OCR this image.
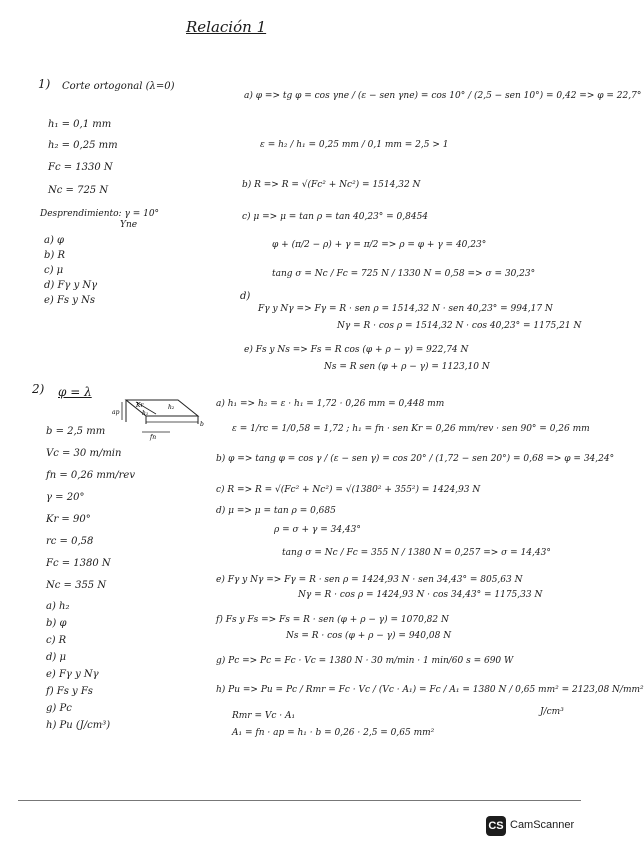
Relación 1
1) Corte ortogonal (λ=0)
h₁ = 0,1 mm
h₂ = 0,25 mm
Fc = 1330 N
Nc = 725 N
Desprendimiento: γ = 10°
Yne
a) φ
b) R
c) μ
d) Fγ y Nγ
e) Fs y Ns
a) φ => tg φ = cos γne / (ε − sen γne) = cos 10° / (2,5 − sen 10°) = 0,42 => φ = 22,7°
ε = h₂ / h₁ = 0,25 mm / 0,1 mm = 2,5 > 1
b) R => R = √(Fc² + Nc²) = 1514,32 N
c) μ => μ = tan ρ = tan 40,23° = 0,8454
φ + (π/2 − ρ) + γ = π/2 => ρ = φ + γ = 40,23°
tang σ = Nc / Fc = 725 N / 1330 N = 0,58 => σ = 30,23°
d)
Fγ y Nγ => Fγ = R · sen ρ = 1514,32 N · sen 40,23° = 994,17 N
Nγ = R · cos ρ = 1514,32 N · cos 40,23° = 1175,21 N
e) Fs y Ns => Fs = R cos (φ + ρ − γ) = 922,74 N
Ns = R sen (φ + ρ − γ) = 1123,10 N
2) φ = λ
Kr	h₂
h₁
ap
b
fn
b = 2,5 mm
Vc = 30 m/min
fn = 0,26 mm/rev
γ = 20°
Kr = 90°
rc = 0,58
Fc = 1380 N
Nc = 355 N
a) h₂
b) φ
c) R
d) μ
e) Fγ y Nγ
f) Fs y Fs
g) Pc
h) Pu (J/cm³)
a) h₁ => h₂ = ε · h₁ = 1,72 · 0,26 mm = 0,448 mm
ε = 1/rc = 1/0,58 = 1,72 ; h₁ = fn · sen Kr = 0,26 mm/rev · sen 90° = 0,26 mm
b) φ => tang φ = cos γ / (ε − sen γ) = cos 20° / (1,72 − sen 20°) = 0,68 => φ = 34,24°
c) R => R = √(Fc² + Nc²) = √(1380² + 355²) = 1424,93 N
d) μ => μ = tan ρ = 0,685
ρ = σ + γ = 34,43°
tang σ = Nc / Fc = 355 N / 1380 N = 0,257 => σ = 14,43°
e) Fγ y Nγ => Fγ = R · sen ρ = 1424,93 N · sen 34,43° = 805,63 N
Nγ = R · cos ρ = 1424,93 N · cos 34,43° = 1175,33 N
f) Fs y Fs => Fs = R · sen (φ + ρ − γ) = 1070,82 N
Ns = R · cos (φ + ρ − γ) = 940,08 N
g) Pc => Pc = Fc · Vc = 1380 N · 30 m/min · 1 min/60 s = 690 W
h) Pu => Pu = Pc / Rmr = Fc · Vc / (Vc · A₁) = Fc / A₁ = 1380 N / 0,65 mm² = 2123,08 N/mm²
J/cm³
Rmr = Vc · A₁
A₁ = fn · ap = h₁ · b = 0,26 · 2,5 = 0,65 mm²
CS CamScanner
